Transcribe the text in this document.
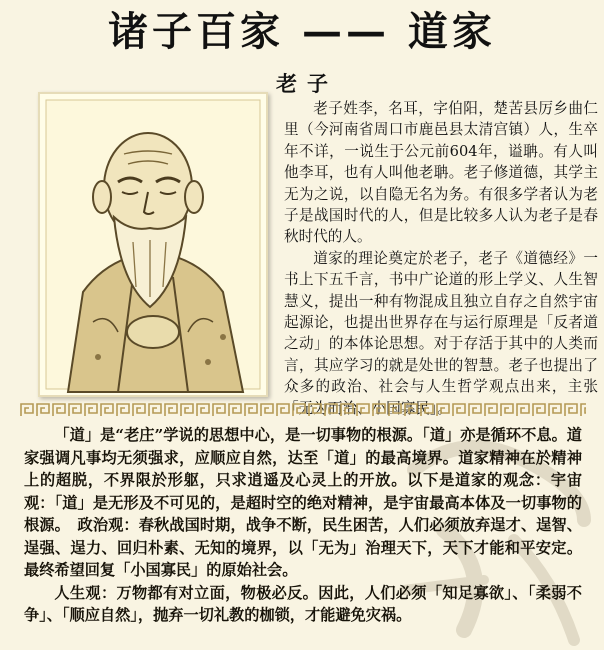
诸子百家 —— 道家
老子

老子姓李，名耳，字伯阳，楚苦县厉乡曲仁里（今河南省周口市鹿邑县太清宫镇）人，生卒年不详，一说生于公元前604年，谥聃。有人叫他李耳，也有人叫他老聃。老子修道德，其学主无为之说，以自隐无名为务。有很多学者认为老子是战国时代的人，但是比较多人认为老子是春秋时代的人。

道家的理论奠定於老子，老子《道德经》一书上下五千言，书中广论道的形上学义、人生智慧义，提出一种有物混成且独立自存之自然宇宙起源论，也提出世界存在与运行原理是「反者道之动」的本体论思想。对于存活于其中的人类而言，其应学习的就是处世的智慧。老子也提出了众多的政治、社会与人生哲学观点出来，主张

「道」是“老庄”学说的思想中心，是一切事物的根源。「道」亦是循环不息。道家强调凡事均无须强求，应顺应自然，达至「道」的最高境界。道家精神在於精神上的超脱，不界限於形躯，只求逍遥及心灵上的开放。以下是道家的观念：宇宙观：「道」是无形及不可见的，是超时空的绝对精神，是宇宙最高本体及一切事物的根源。　政治观：春秋战国时期，战争不断，民生困苦，人们必须放弃逞才、逞智、逞强、逞力、回归朴素、无知的境界，以「无为」治理天下，天下才能和平安定。最终希望回复「小国寡民」的原始社会。

人生观：万物都有对立面，物极必反。因此，人们必须「知足寡欲」、「柔弱不争」、「顺应自然」，抛弃一切礼教的枷锁，才能避免灾祸。
